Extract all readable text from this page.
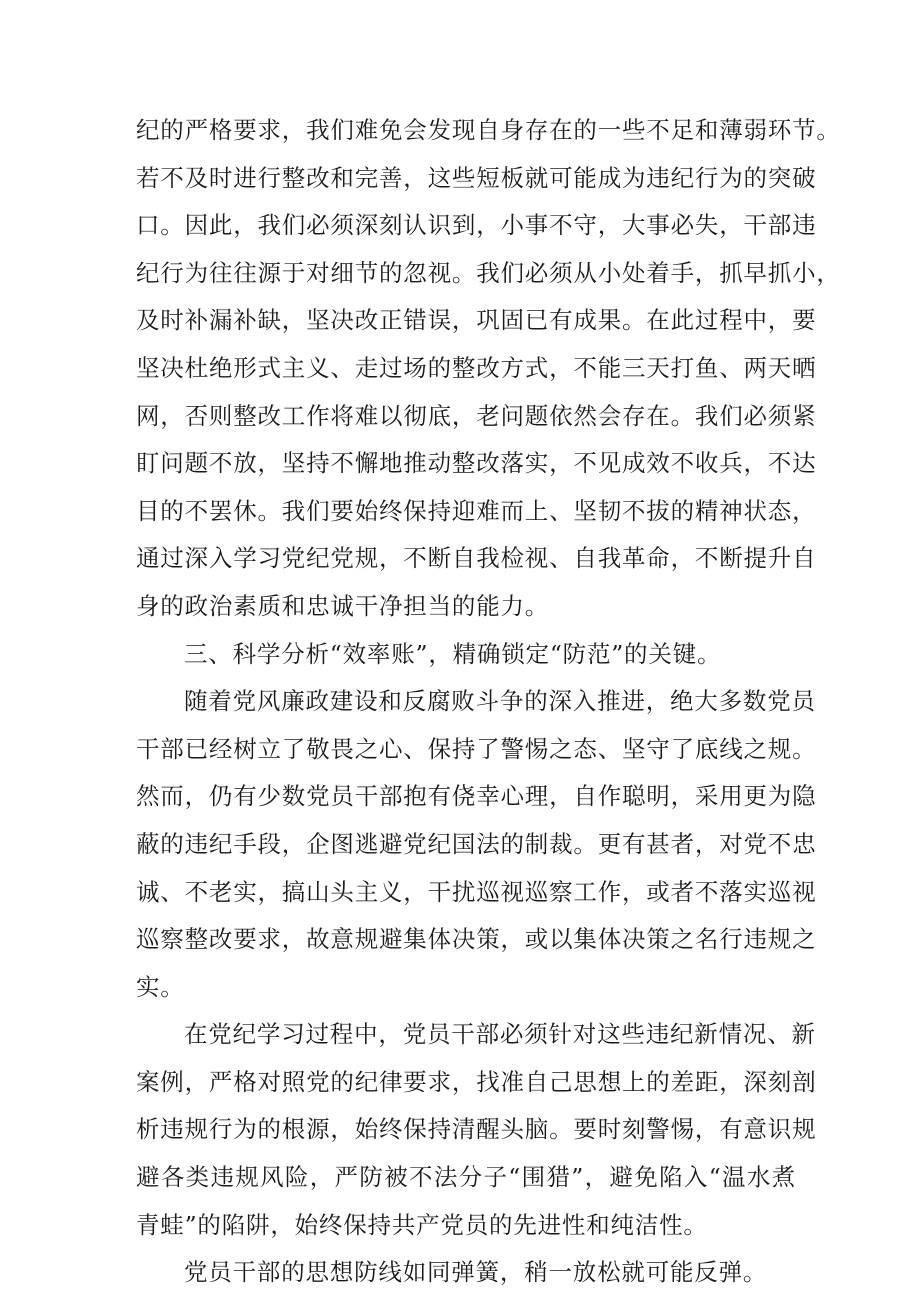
纪的严格要求，我们难免会发现自身存在的一些不足和薄弱环节。
若不及时进行整改和完善，这些短板就可能成为违纪行为的突破
口。因此，我们必须深刻认识到，小事不守，大事必失，干部违
纪行为往往源于对细节的忽视。我们必须从小处着手，抓早抓小，
及时补漏补缺，坚决改正错误，巩固已有成果。在此过程中，要
坚决杜绝形式主义、走过场的整改方式，不能三天打鱼、两天晒
网，否则整改工作将难以彻底，老问题依然会存在。我们必须紧
盯问题不放，坚持不懈地推动整改落实，不见成效不收兵，不达
目的不罢休。我们要始终保持迎难而上、坚韧不拔的精神状态，
通过深入学习党纪党规，不断自我检视、自我革命，不断提升自
身的政治素质和忠诚干净担当的能力。
三、科学分析“效率账”，精确锁定“防范”的关键。
随着党风廉政建设和反腐败斗争的深入推进，绝大多数党员
干部已经树立了敬畏之心、保持了警惕之态、坚守了底线之规。
然而，仍有少数党员干部抱有侥幸心理，自作聪明，采用更为隐
蔽的违纪手段，企图逃避党纪国法的制裁。更有甚者，对党不忠
诚、不老实，搞山头主义，干扰巡视巡察工作，或者不落实巡视
巡察整改要求，故意规避集体决策，或以集体决策之名行违规之
实。
在党纪学习过程中，党员干部必须针对这些违纪新情况、新
案例，严格对照党的纪律要求，找准自己思想上的差距，深刻剖
析违规行为的根源，始终保持清醒头脑。要时刻警惕，有意识规
避各类违规风险，严防被不法分子“围猎”，避免陷入“温水煮
青蛙”的陷阱，始终保持共产党员的先进性和纯洁性。
党员干部的思想防线如同弹簧，稍一放松就可能反弹。
